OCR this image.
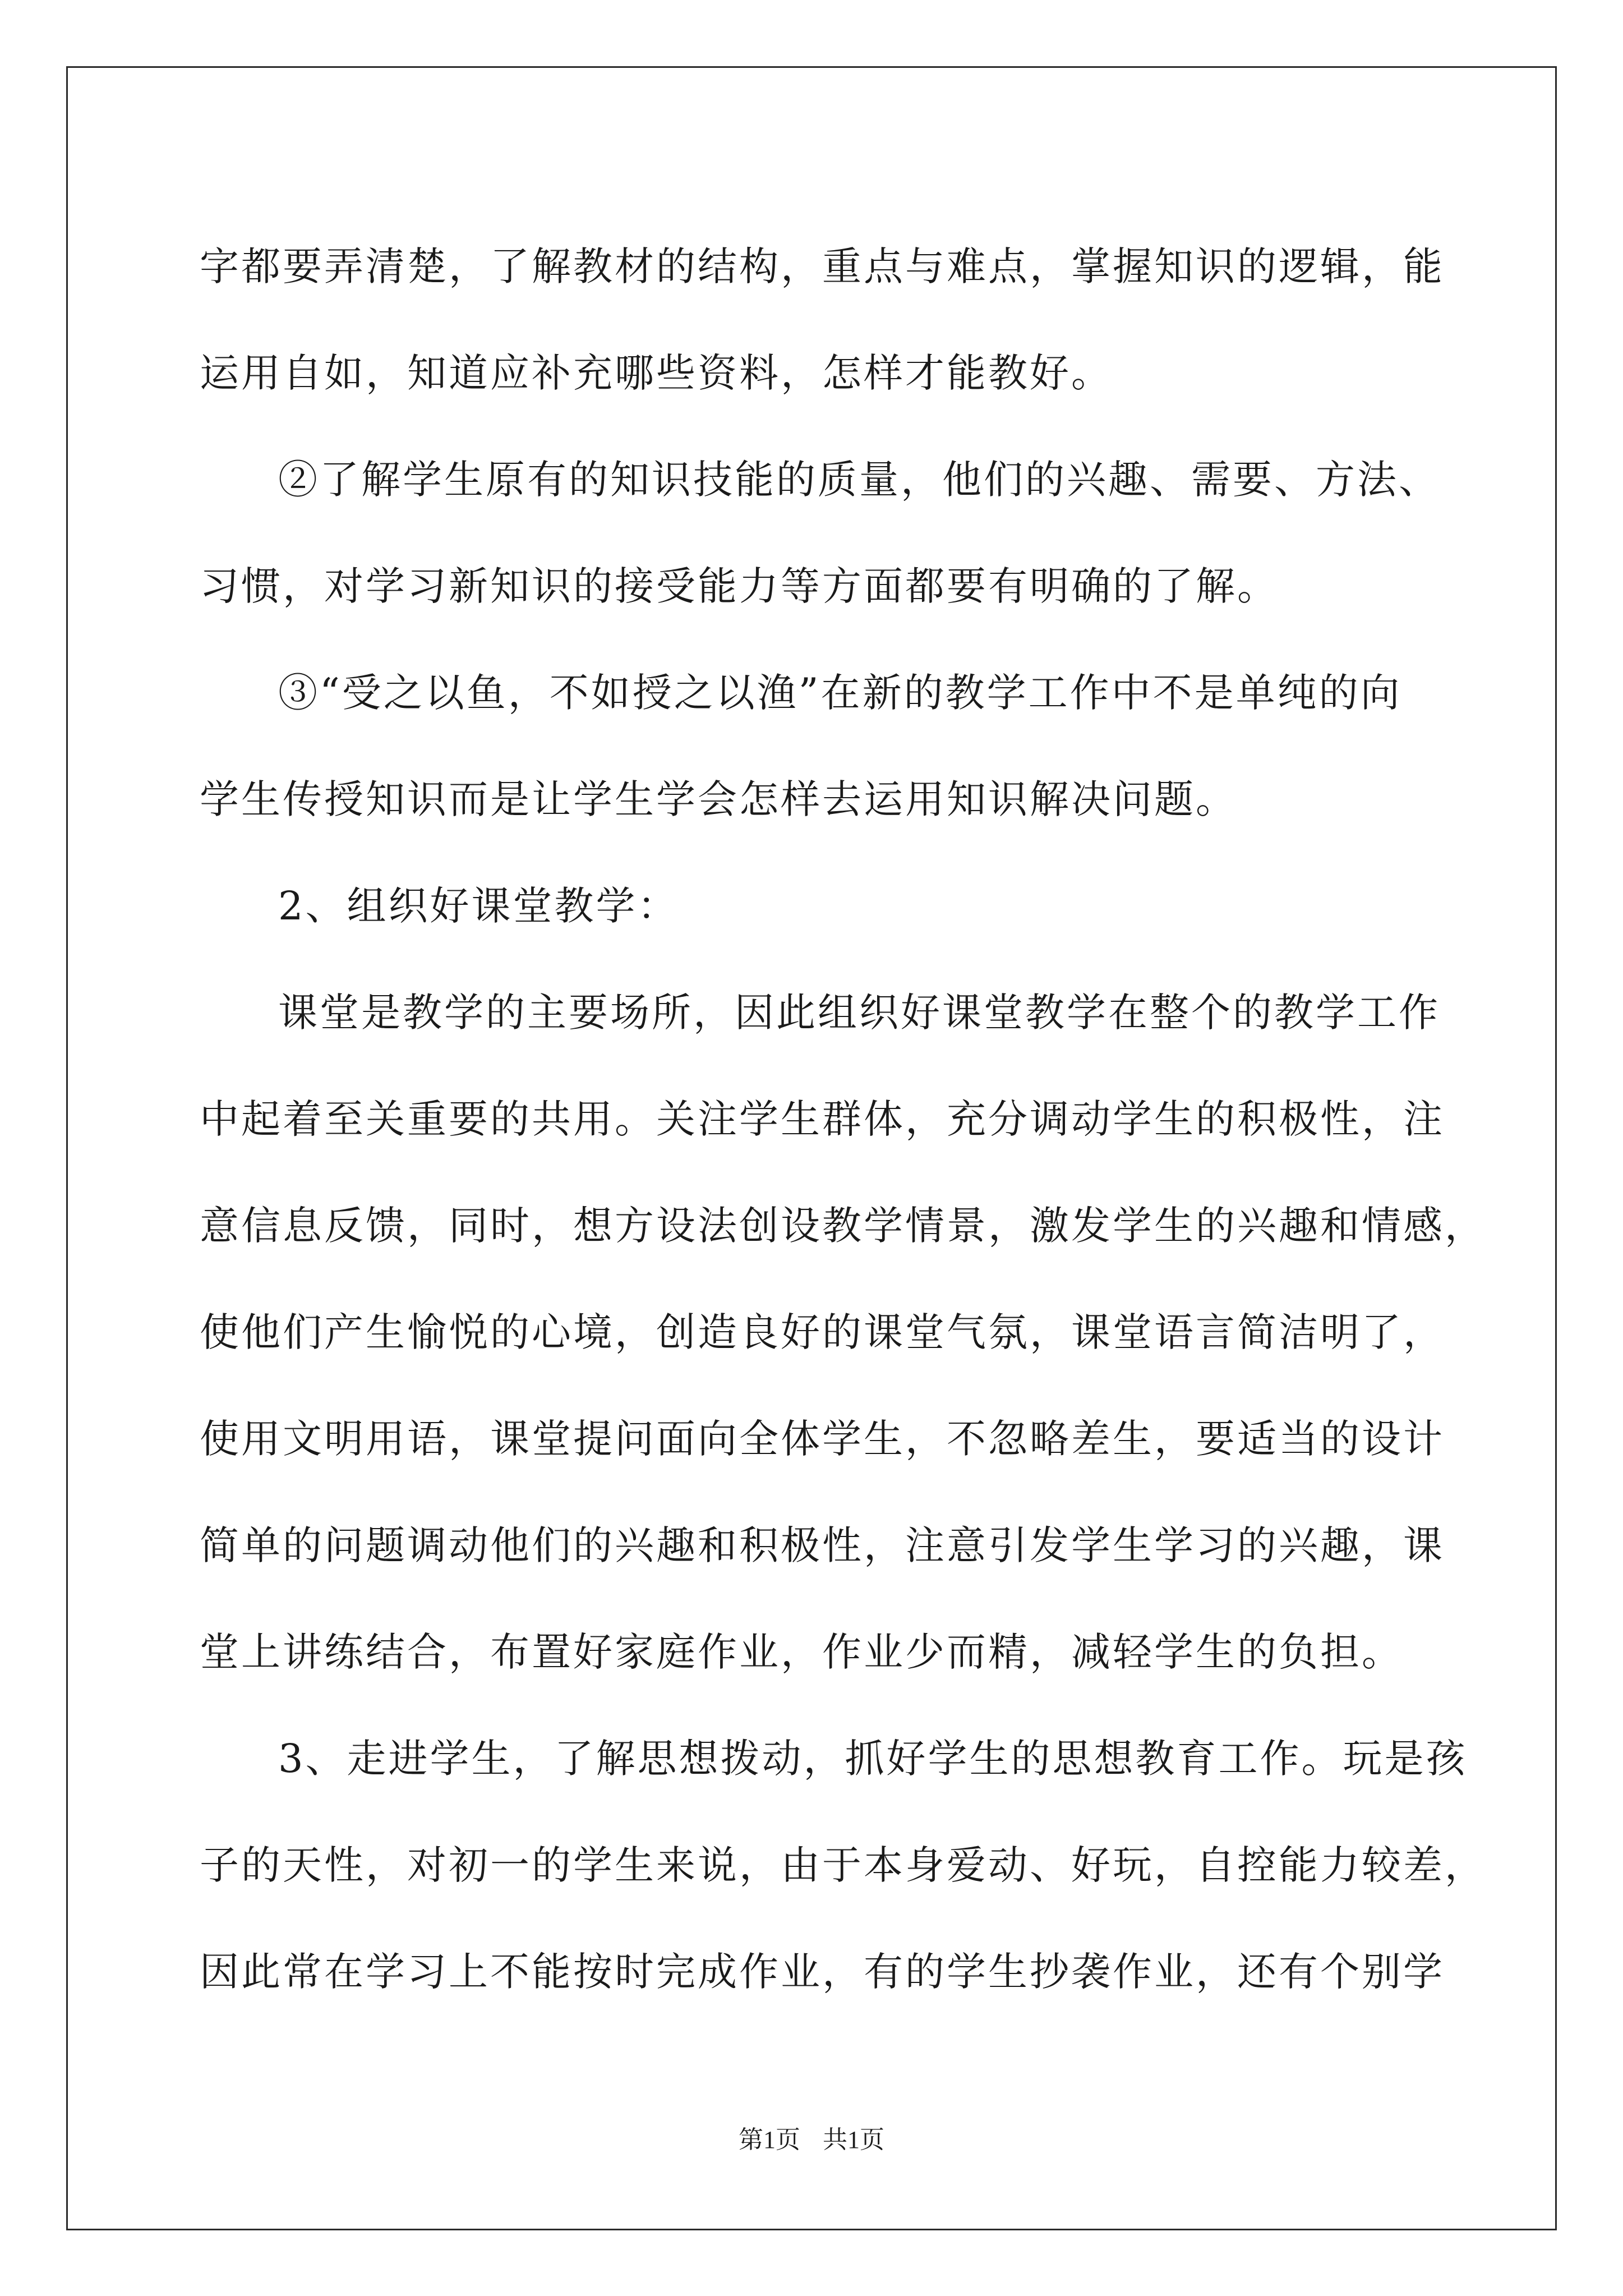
字都要弄清楚，了解教材的结构，重点与难点，掌握知识的逻辑，能
运用自如，知道应补充哪些资料，怎样才能教好。
②了解学生原有的知识技能的质量，他们的兴趣、需要、方法、
习惯，对学习新知识的接受能力等方面都要有明确的了解。
③“受之以鱼，不如授之以渔”在新的教学工作中不是单纯的向
学生传授知识而是让学生学会怎样去运用知识解决问题。
2、组织好课堂教学：
课堂是教学的主要场所，因此组织好课堂教学在整个的教学工作
中起着至关重要的共用。关注学生群体，充分调动学生的积极性，注
意信息反馈，同时，想方设法创设教学情景，激发学生的兴趣和情感，
使他们产生愉悦的心境，创造良好的课堂气氛，课堂语言简洁明了，
使用文明用语，课堂提问面向全体学生，不忽略差生，要适当的设计
简单的问题调动他们的兴趣和积极性，注意引发学生学习的兴趣，课
堂上讲练结合，布置好家庭作业，作业少而精，减轻学生的负担。
3、走进学生，了解思想拨动，抓好学生的思想教育工作。玩是孩
子的天性，对初一的学生来说，由于本身爱动、好玩，自控能力较差，
因此常在学习上不能按时完成作业，有的学生抄袭作业，还有个别学
第1页 共1页
